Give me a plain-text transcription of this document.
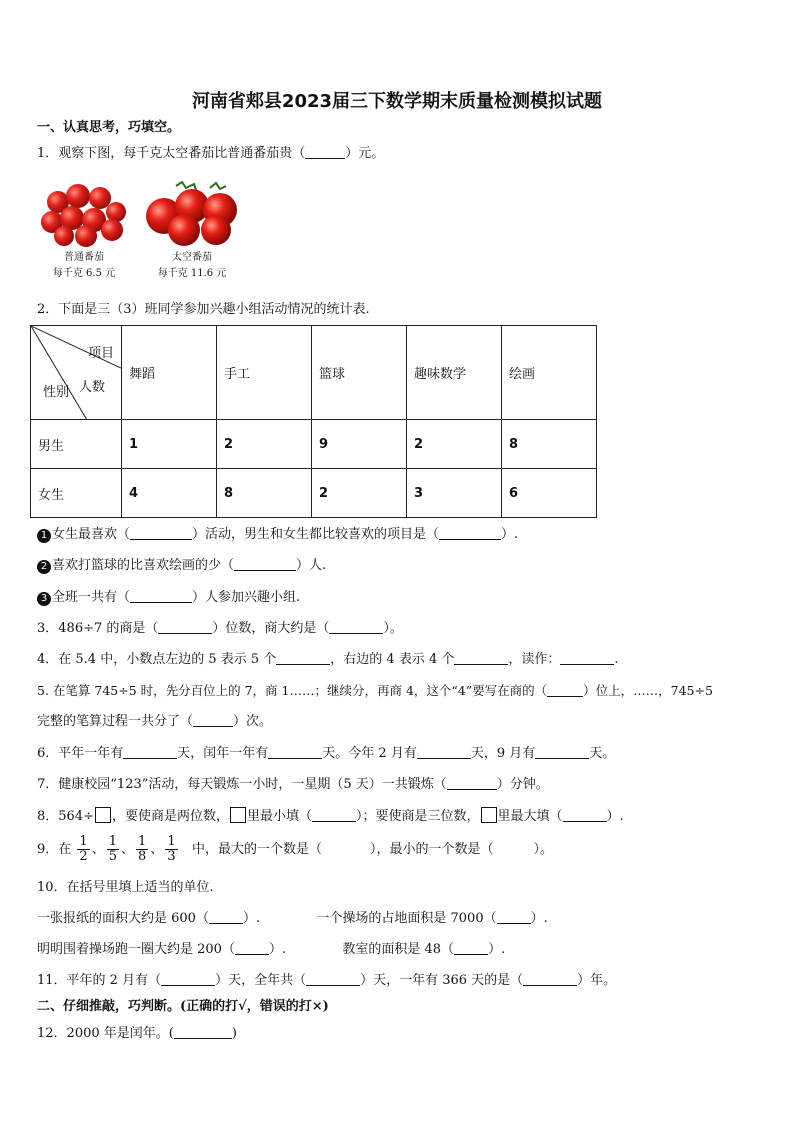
河南省郏县2023届三下数学期末质量检测模拟试题
一、认真思考，巧填空。
1．观察下图，每千克太空番茄比普通番茄贵（	）元。
普通番茄
每千克 6.5 元
太空番茄
每千克 11.6 元
2．下面是三（3）班同学参加兴趣小组活动情况的统计表.
项目
人数
性别	舞蹈	手工	篮球	趣味数学	绘画
男生	1	2	9	2	8
女生	4	8	2	3	6
1 女生最喜欢（	）活动，男生和女生都比较喜欢的项目是（	）.
2 喜欢打篮球的比喜欢绘画的少（	）人.
3 全班一共有（	）人参加兴趣小组.
3．486÷7 的商是（	）位数，商大约是（	）。
4．在 5.4 中，小数点左边的 5 表示 5 个	，右边的 4 表示 4 个	，读作：	.
5. 在笔算 745÷5 时，先分百位上的 7，商 1……；继续分，再商 4，这个“4”要写在商的（	）位上，……，745÷5
完整的笔算过程一共分了（	）次。
6．平年一年有	天，闰年一年有	天。今年 2 月有	天，9 月有	天。
7．健康校园“123”活动，每天锻炼一小时，一星期（5 天）一共锻炼（	）分钟。
8．564÷ ，要使商是两位数， 里最小填（	）；要使商是三位数， 里最大填（	）.
9．在 $\frac{1}{2}$ 、 $\frac{1}{5}$ 、 $\frac{1}{8}$ 、 $\frac{1}{3}$ 中，最大的一个数是（	），最小的一个数是（	）。
10．在括号里填上适当的单位.
一张报纸的面积大约是 600（	）.	一个操场的占地面积是 7000（	）.
明明围着操场跑一圈大约是 200（	）.	教室的面积是 48（	）.
11．平年的 2 月有（	）天，全年共（	）天，一年有 366 天的是（	）年。
二、仔细推敲，巧判断。(正确的打√，错误的打×)
12．2000 年是闰年。(	)
